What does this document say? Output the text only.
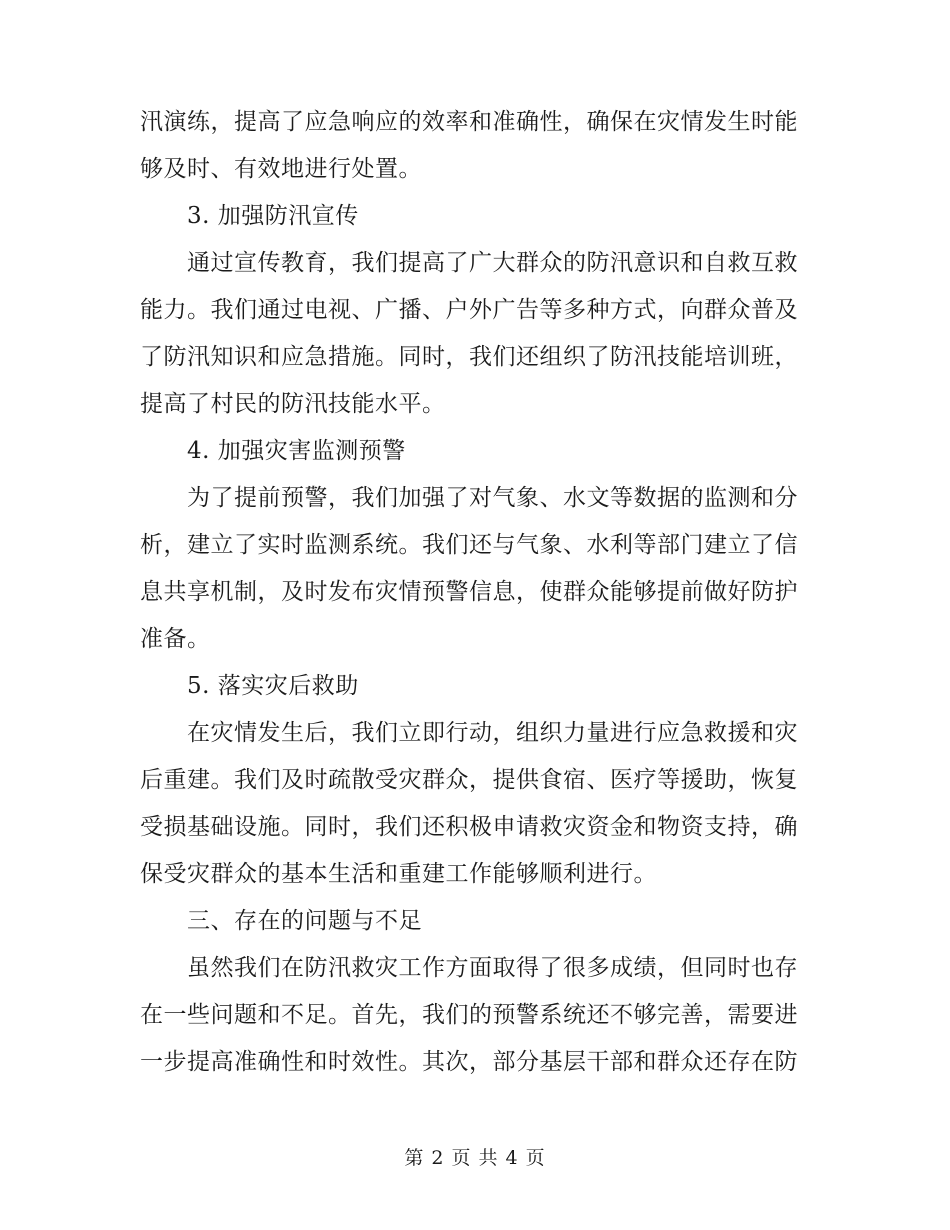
汛演练，提高了应急响应的效率和准确性，确保在灾情发生时能
够及时、有效地进行处置。
3. 加强防汛宣传
通过宣传教育，我们提高了广大群众的防汛意识和自救互救
能力。我们通过电视、广播、户外广告等多种方式，向群众普及
了防汛知识和应急措施。同时，我们还组织了防汛技能培训班，
提高了村民的防汛技能水平。
4. 加强灾害监测预警
为了提前预警，我们加强了对气象、水文等数据的监测和分
析，建立了实时监测系统。我们还与气象、水利等部门建立了信
息共享机制，及时发布灾情预警信息，使群众能够提前做好防护
准备。
5. 落实灾后救助
在灾情发生后，我们立即行动，组织力量进行应急救援和灾
后重建。我们及时疏散受灾群众，提供食宿、医疗等援助，恢复
受损基础设施。同时，我们还积极申请救灾资金和物资支持，确
保受灾群众的基本生活和重建工作能够顺利进行。
三、存在的问题与不足
虽然我们在防汛救灾工作方面取得了很多成绩，但同时也存
在一些问题和不足。首先，我们的预警系统还不够完善，需要进
一步提高准确性和时效性。其次，部分基层干部和群众还存在防
第 2 页 共 4 页
